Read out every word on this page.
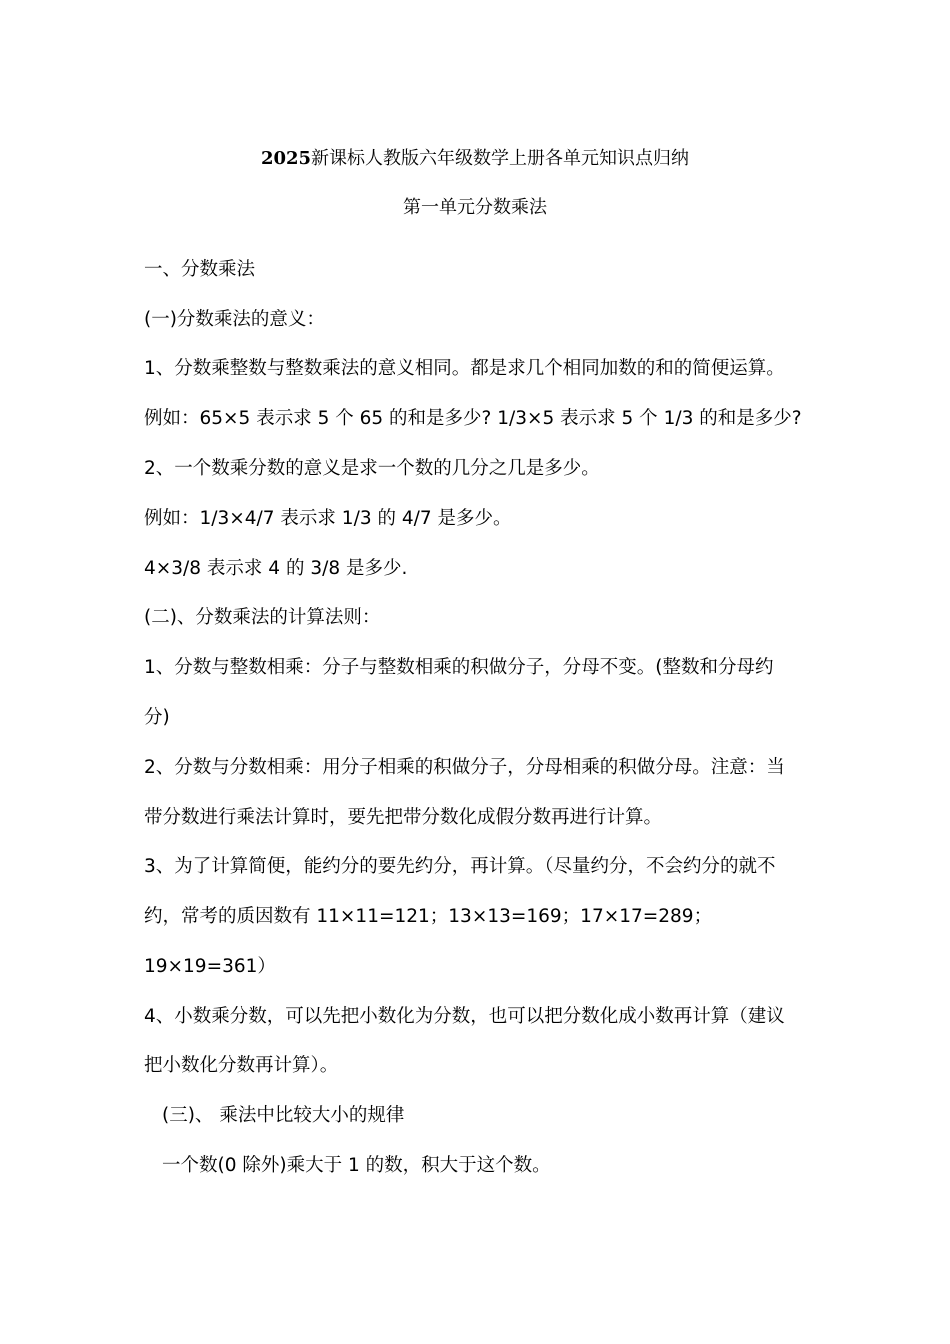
2025新课标人教版六年级数学上册各单元知识点归纳
第一单元分数乘法
一、分数乘法
(一)分数乘法的意义：
1、分数乘整数与整数乘法的意义相同。都是求几个相同加数的和的简便运算。
例如：65×5 表示求 5 个 65 的和是多少? 1/3×5 表示求 5 个 1/3 的和是多少?
2、一个数乘分数的意义是求一个数的几分之几是多少。
例如：1/3×4/7 表示求 1/3 的 4/7 是多少。
4×3/8 表示求 4 的 3/8 是多少.
(二)、分数乘法的计算法则：
1、分数与整数相乘：分子与整数相乘的积做分子，分母不变。(整数和分母约
分)
2、分数与分数相乘：用分子相乘的积做分子，分母相乘的积做分母。注意：当
带分数进行乘法计算时，要先把带分数化成假分数再进行计算。
3、为了计算简便，能约分的要先约分，再计算。（尽量约分，不会约分的就不
约，常考的质因数有 11×11=121；13×13=169；17×17=289；
19×19=361）
4、小数乘分数，可以先把小数化为分数，也可以把分数化成小数再计算（建议
把小数化分数再计算）。
(三)、 乘法中比较大小的规律
一个数(0 除外)乘大于 1 的数，积大于这个数。
